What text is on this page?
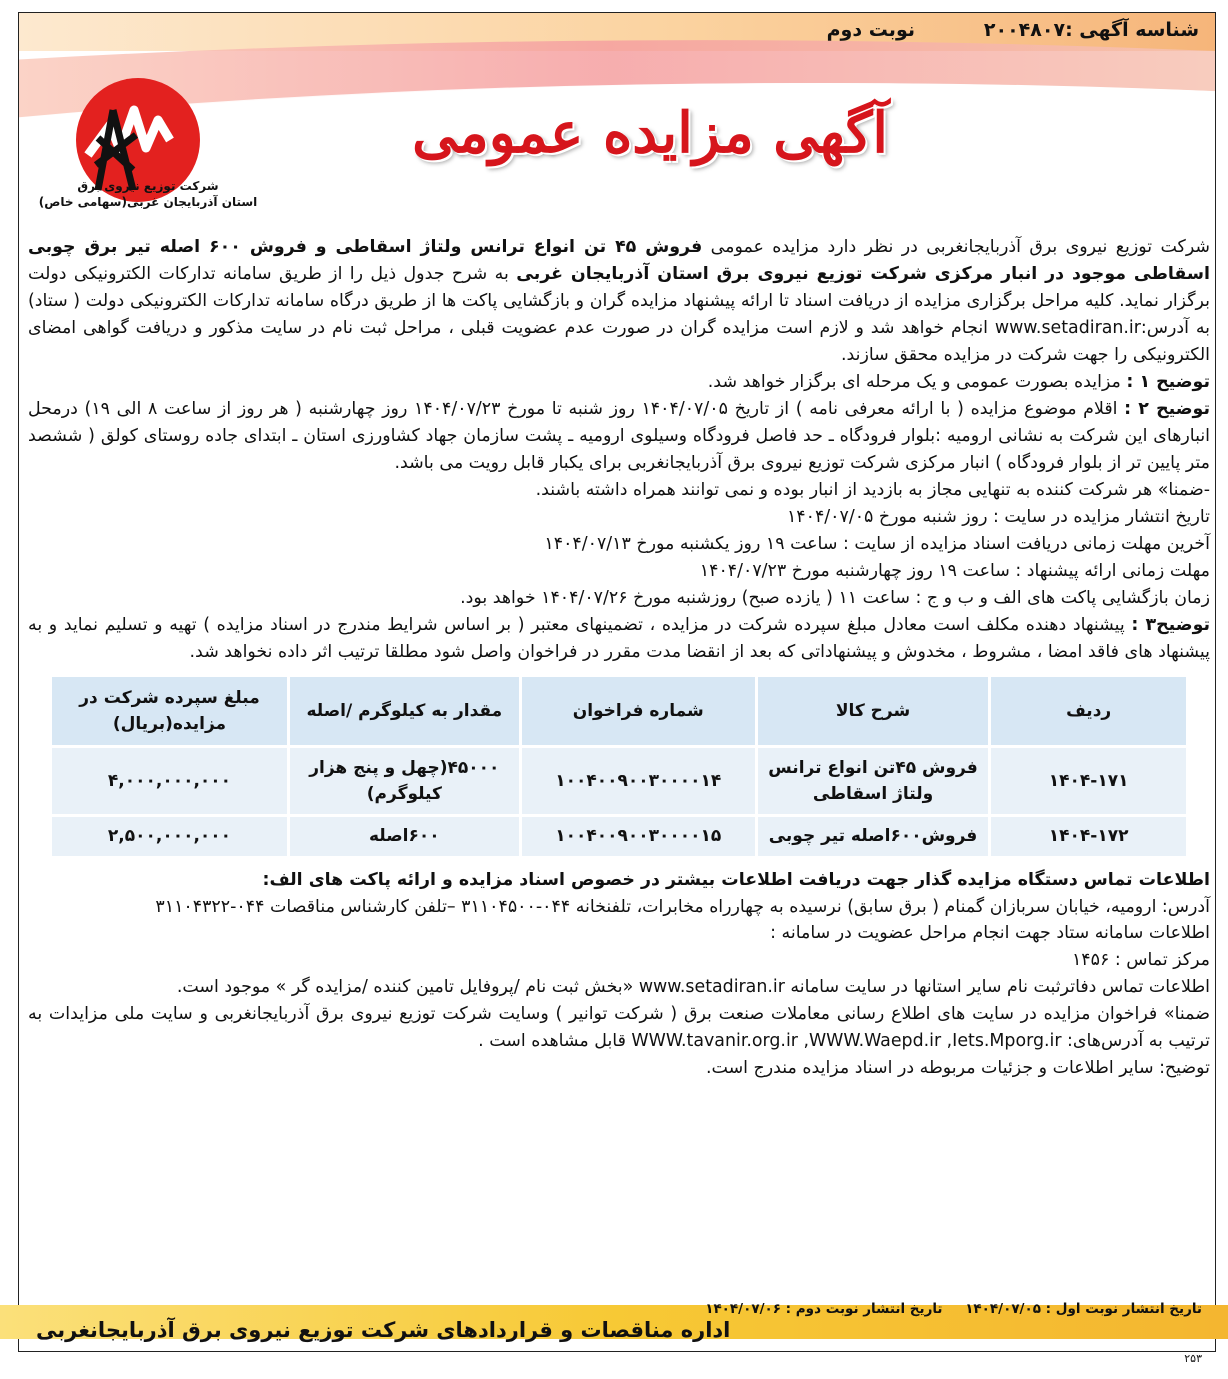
شناسه آگهی :۲۰۰۴۸۰۷
نوبت دوم
آگهی مزایده عمومی
شرکت توزیع نیروی برق
استان آذربایجان غربی(سهامی خاص)

شرکت توزیع نیروی برق آذربایجانغربی در نظر دارد مزایده عمومی فروش ۴۵ تن انواع ترانس ولتاژ اسقاطی و فروش ۶۰۰ اصله تیر برق چوبی اسقاطی موجود در انبار مرکزی شرکت توزیع نیروی برق استان آذربایجان غربی به شرح جدول ذیل را از طریق سامانه تدارکات الکترونیکی دولت برگزار نماید. کلیه مراحل برگزاری مزایده از دریافت اسناد تا ارائه پیشنهاد مزایده گران و بازگشایی پاکت ها از طریق درگاه سامانه تدارکات الکترونیکی دولت ( ستاد) به آدرس:www.setadiran.ir انجام خواهد شد و لازم است مزایده گران در صورت عدم عضویت قبلی ، مراحل ثبت نام در سایت مذکور و دریافت گواهی امضای الکترونیکی را جهت شرکت در مزایده محقق سازند.

توضیح ۱ : مزایده بصورت عمومی و یک مرحله ای برگزار خواهد شد.

توضیح ۲ : اقلام موضوع مزایده ( با ارائه معرفی نامه ) از تاریخ ۱۴۰۴/۰۷/۰۵ روز شنبه تا مورخ ۱۴۰۴/۰۷/۲۳ روز چهارشنبه ( هر روز از ساعت ۸ الی ۱۹) درمحل انبارهای این شرکت به نشانی ارومیه :بلوار فرودگاه ـ حد فاصل فرودگاه وسیلوی ارومیه ـ پشت سازمان جهاد کشاورزی استان ـ ابتدای جاده روستای کولق ( ششصد متر پایین تر از بلوار فرودگاه ) انبار مرکزی شرکت توزیع نیروی برق آذربایجانغربی برای یکبار قابل رویت می باشد.

-ضمنا» هر شرکت کننده به تنهایی مجاز به بازدید از انبار بوده و نمی توانند همراه داشته باشند.

تاریخ انتشار مزایده در سایت : روز شنبه مورخ ۱۴۰۴/۰۷/۰۵

آخرین مهلت زمانی دریافت اسناد مزایده از سایت : ساعت ۱۹ روز یکشنبه مورخ ۱۴۰۴/۰۷/۱۳

مهلت زمانی ارائه پیشنهاد : ساعت ۱۹ روز چهارشنبه مورخ ۱۴۰۴/۰۷/۲۳

زمان بازگشایی پاکت های الف و ب و ج : ساعت ۱۱ ( یازده صبح) روزشنبه مورخ ۱۴۰۴/۰۷/۲۶ خواهد بود.

توضیح۳ : پیشنهاد دهنده مکلف است معادل مبلغ سپرده شرکت در مزایده ، تضمینهای معتبر ( بر اساس شرایط مندرج در اسناد مزایده ) تهیه و تسلیم نماید و به پیشنهاد های فاقد امضا ، مشروط ، مخدوش و پیشنهاداتی که بعد از انقضا مدت مقرر در فراخوان واصل شود مطلقا ترتیب اثر داده نخواهد شد.

ردیف	شرح کالا	شماره فراخوان	مقدار به کیلوگرم /اصله	مبلغ سپرده شرکت در مزایده(بریال)
۱۴۰۴-۱۷۱	فروش ۴۵تن انواع ترانس ولتاژ اسقاطی	۱۰۰۴۰۰۹۰۰۳۰۰۰۰۱۴	۴۵۰۰۰(چهل و پنج هزار کیلوگرم)	۴,۰۰۰,۰۰۰,۰۰۰
۱۴۰۴-۱۷۲	فروش۶۰۰اصله تیر چوبی	۱۰۰۴۰۰۹۰۰۳۰۰۰۰۱۵	۶۰۰اصله	۲,۵۰۰,۰۰۰,۰۰۰

اطلاعات تماس دستگاه مزایده گذار جهت دریافت اطلاعات بیشتر در خصوص اسناد مزایده و ارائه پاکت های الف:

آدرس: ارومیه، خیابان سربازان گمنام ( برق سابق) نرسیده به چهارراه مخابرات، تلفنخانه ۰۴۴-۳۱۱۰۴۵۰۰ –تلفن کارشناس مناقصات ۰۴۴-۳۱۱۰۴۳۲۲

اطلاعات سامانه ستاد جهت انجام مراحل عضویت در سامانه :

مرکز تماس : ۱۴۵۶

اطلاعات تماس دفاترثبت نام سایر استانها در سایت سامانه www.setadiran.ir «بخش ثبت نام /پروفایل تامین کننده /مزایده گر » موجود است.

ضمنا» فراخوان مزایده در سایت های اطلاع رسانی معاملات صنعت برق ( شرکت توانیر ) وسایت شرکت توزیع نیروی برق آذربایجانغربی و سایت ملی مزایدات به ترتیب به آدرس‌های: WWW.tavanir.org.ir ,WWW.Waepd.ir ,Iets.Mporg.ir قابل مشاهده است .

توضیح: سایر اطلاعات و جزئیات مربوطه در اسناد مزایده مندرج است.

تاریخ انتشار نوبت اول : ۱۴۰۴/۰۷/۰۵ تاریخ انتشار نوبت دوم : ۱۴۰۴/۰۷/۰۶
اداره مناقصات و قراردادهای شرکت توزیع نیروی برق آذربایجانغربی
۲۵۳
